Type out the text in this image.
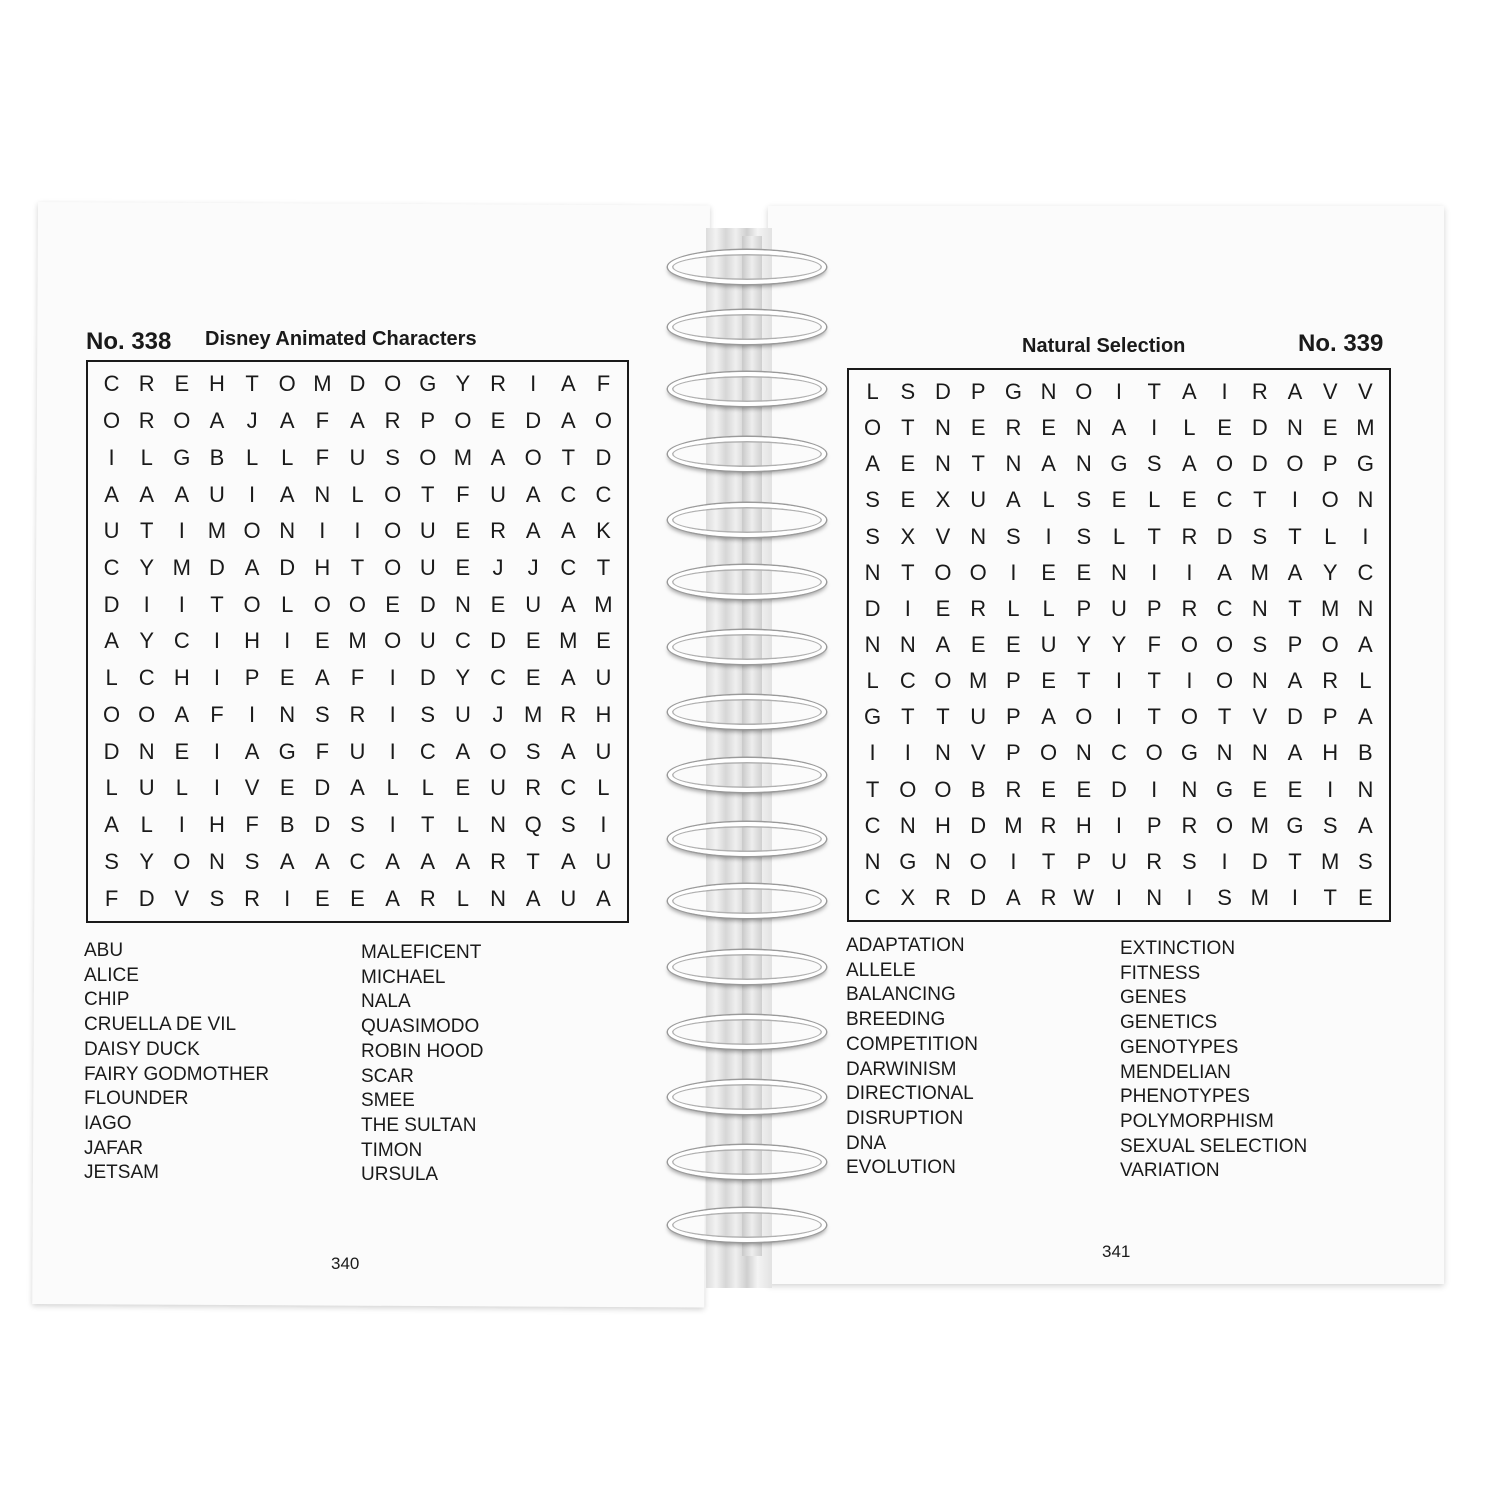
No. 338 Disney Animated Characters
C R E H T O M D O G Y R	I	A F
O R O A	J	A F A R P O E D A O
I	L G B L	L	F U S O M A O T D
A A A U	I	A N L O T F U A C C
U T	I	M O N	I	I	O U E R A A K
C Y M D A D H T O U E	J	J C T
D	I	I	T O L O O E D N E U A M
A Y C	I	H	I	E M O U C D E M E
L C H	I	P E A F	I	D Y C E A U
O O A F	I	N S R	I	S U J M R H
D N E	I	A G F U	I	C A O S A U
L U L	I	V E D A L	L E U R C L
A L	I	H F B D S	I	T	L N Q S	I
S Y O N S A A C A A A R T A U
F D V S R	I	E E A R L N A U A
ABU
ALICE
CHIP
CRUELLA DE VIL
DAISY DUCK
FAIRY GODMOTHER
FLOUNDER
IAGO
JAFAR
JETSAM
MALEFICENT
MICHAEL
NALA
QUASIMODO
ROBIN HOOD
SCAR
SMEE
THE SULTAN
TIMON
URSULA
340
Natural Selection	No. 339
L S D P G N O	I	T A	I	R A V V
O T N E R E N A	I	L E D N E M
A E N T N A N G S A O D O P G
S E X U A L S E L E C T	I	O N
S X V N S	I	S L	T R D S T	L	I
N T O O	I	E E N	I	I	A M A Y C
D	I	E R L	L P U P R C N T M N
N N A E E U Y Y F O O S P O A
L C O M P E T	I	T	I	O N A R L
G T T U P A O	I	T O T V D P A
I	I	N V P O N C O G N N A H B
T O O B R E E D	I	N G E E	I	N
C N H D M R H	I	P R O M G S A
N G N O	I	T P U R S	I	D T M S
C X R D A R W I	N	I	S M	I	T E
ADAPTATION
ALLELE
BALANCING
BREEDING
COMPETITION
DARWINISM
DIRECTIONAL
DISRUPTION
DNA
EVOLUTION
EXTINCTION
FITNESS
GENES
GENETICS
GENOTYPES
MENDELIAN
PHENOTYPES
POLYMORPHISM
SEXUAL SELECTION
VARIATION
341
